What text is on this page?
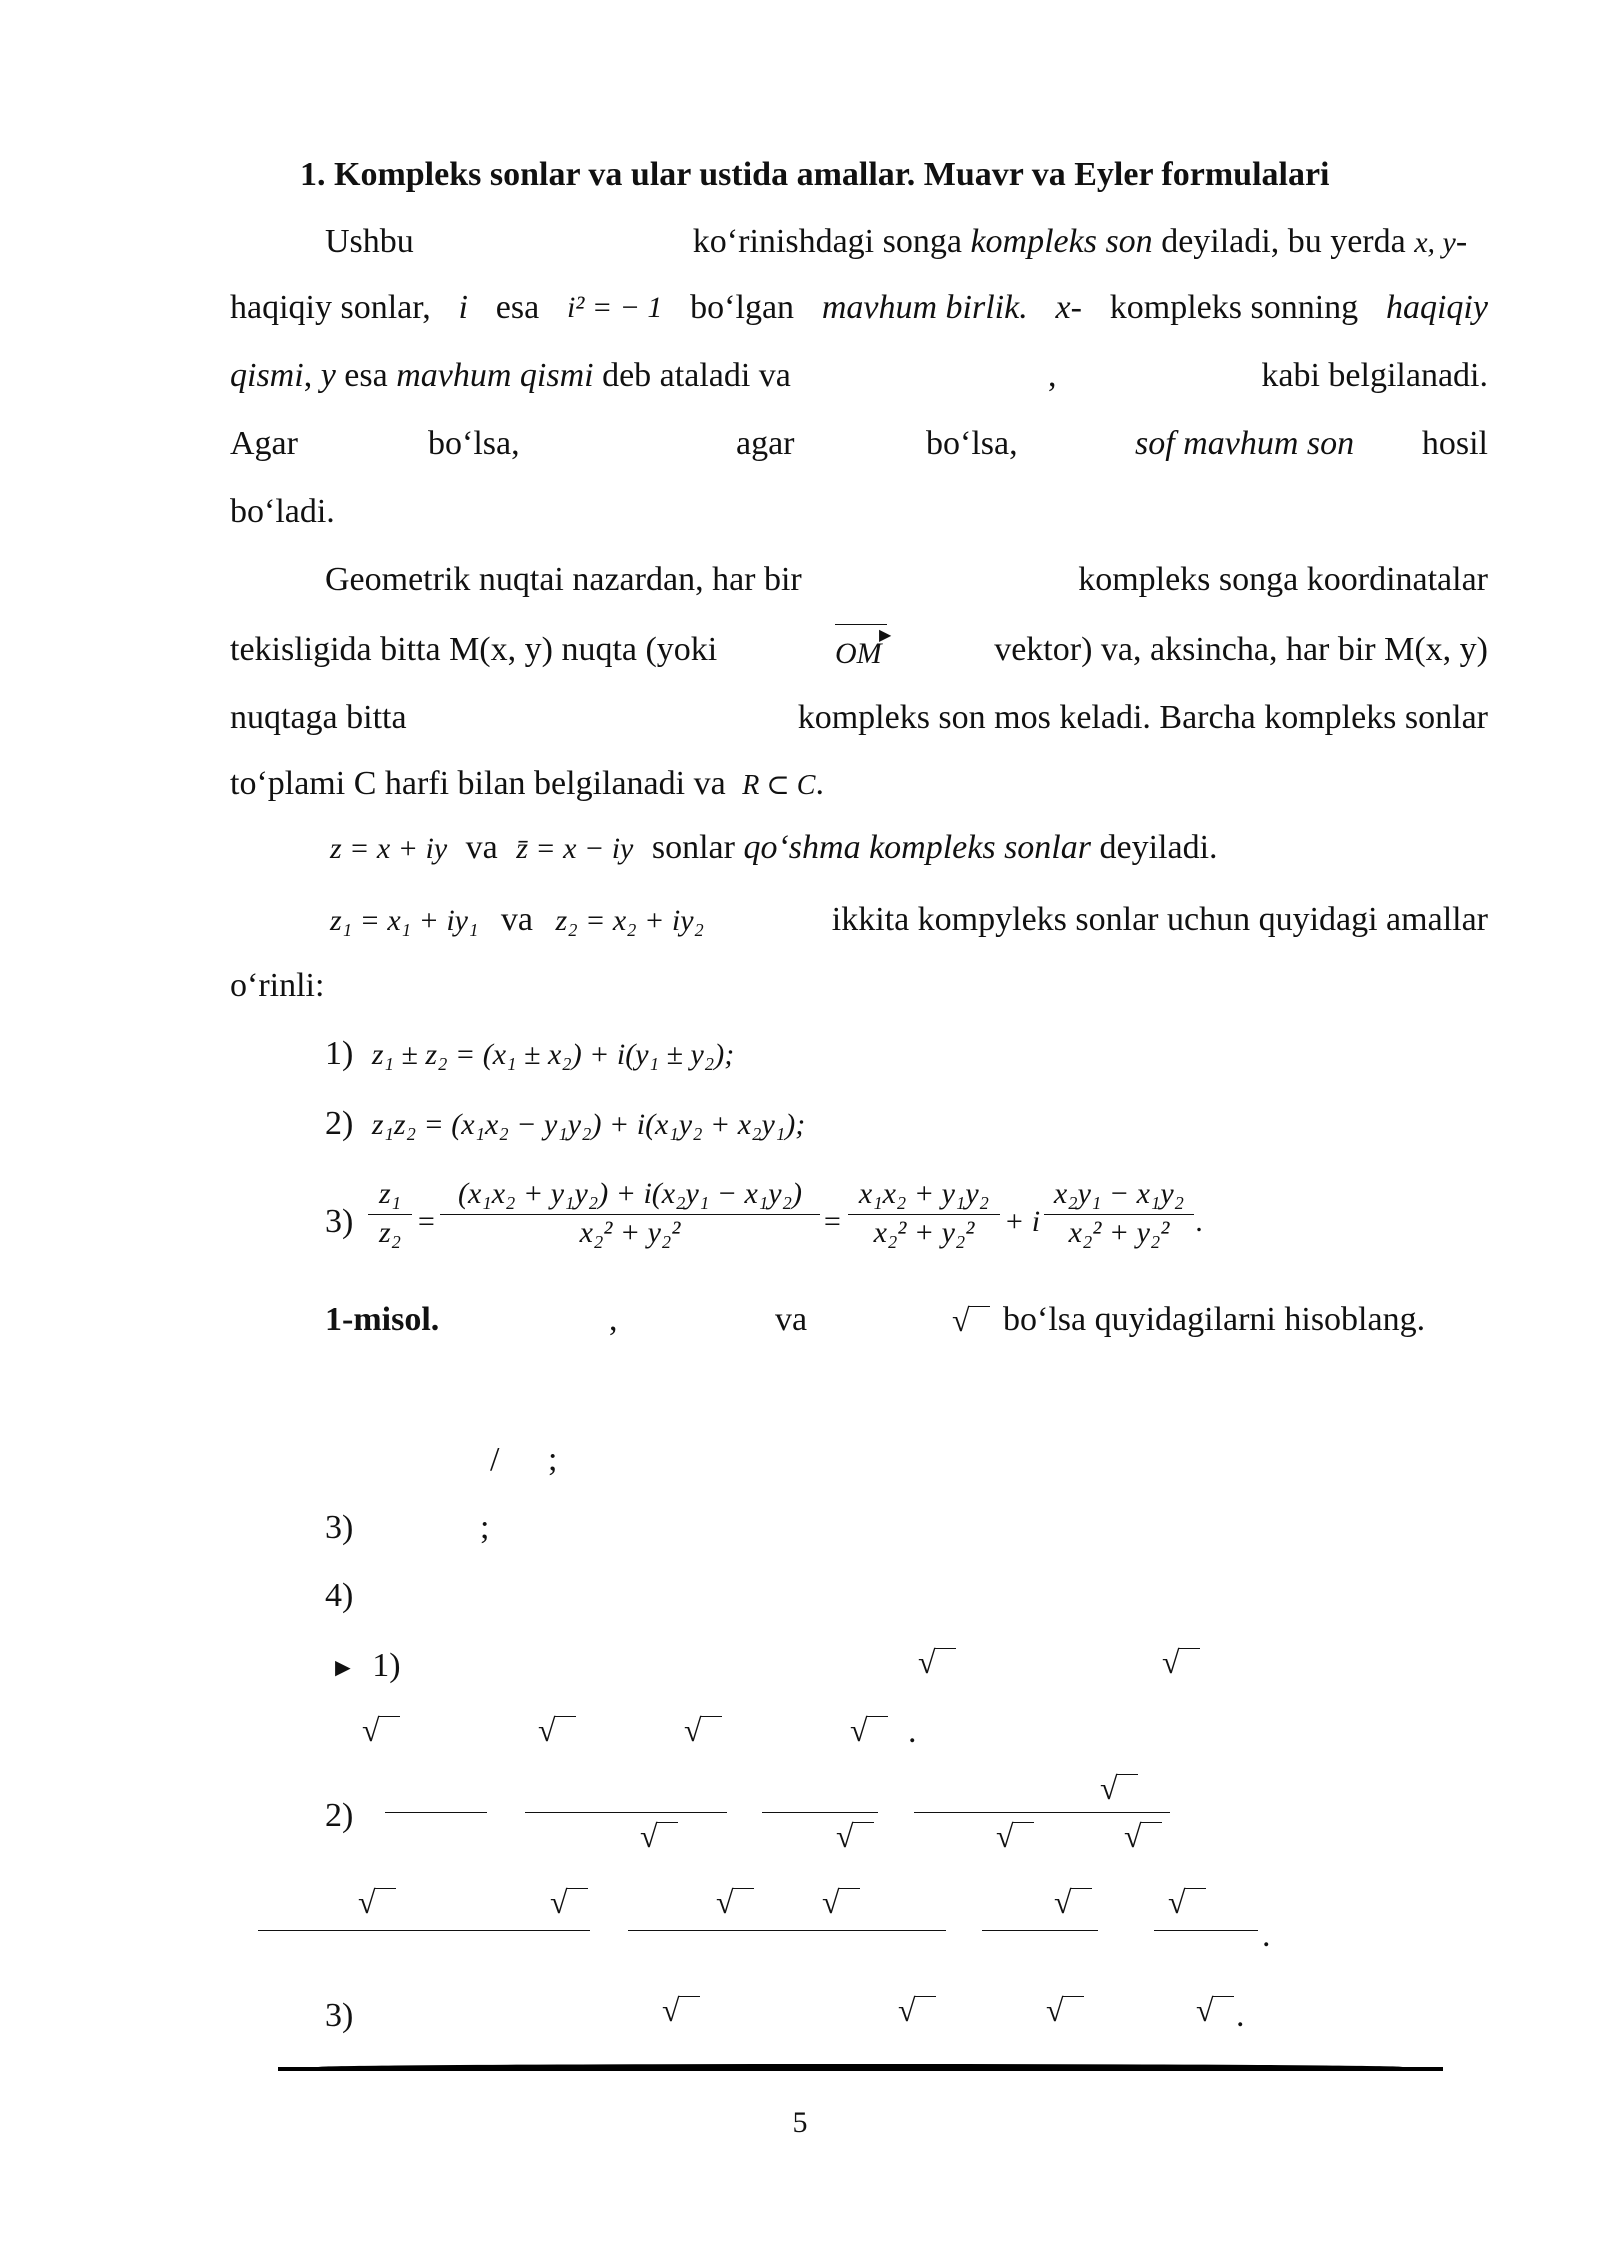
1. Kompleks sonlar va ular ustida amallar. Muavr va Eyler formulalari
Ushbu	ko‘rinishdagi songa kompleks son deyiladi, bu yerda x, y-
haqiqiy sonlar, i esa i² = − 1 bo‘lgan mavhum birlik. x- kompleks sonning haqiqiy
qismi, y esa mavhum qismi deb ataladi va	,	kabi belgilanadi.
Agar	bo‘lsa,	agar	bo‘lsa,	sof mavhum son hosil
bo‘ladi.
Geometrik nuqtai nazardan, har bir	kompleks songa koordinatalar
tekisligida bitta M(x, y) nuqta (yoki	▶
OM	vektor) va, aksincha, har bir M(x, y)
nuqtaga bitta	kompleks son mos keladi. Barcha kompleks sonlar
to‘plami C harfi bilan belgilanadi va R ⊂ C.
z = x + iy va z̄ = x − iy sonlar qo‘shma kompleks sonlar deyiladi.
z₁ = x₁ + iy₁ va z₂ = x₂ + iy₂	ikkita kompyleks sonlar uchun quyidagi amallar
o‘rinli:
1) z₁ ± z₂ = (x₁ ± x₂) + i(y₁ ± y₂);
2) z₁z₂ = (x₁x₂ − y₁y₂) + i(x₁y₂ + x₂y₁);
$3) \frac{\text{z₁}}{\text{z₂}} = \frac{\text{(x₁x₂ + y₁y₂) + i(x₂y₁ − x₁y₂)}}{\text{x₂² + y₂²}} = \frac{\text{x₁x₂ + y₁y₂}}{\text{x₂² + y₂²}} + i \frac{\text{x₂y₁ − x₁y₂}}{\text{x₂² + y₂²}}$ .
1-misol.	,	va	√ bo‘lsa quyidagilarni hisoblang.
/ ;
3)	;
4)
► 1)	√	√
√	√	√	√	.
2)
√
√	√	√	√
√	√	√	√	√	√
.
3)	√	√	√	√ .
5
